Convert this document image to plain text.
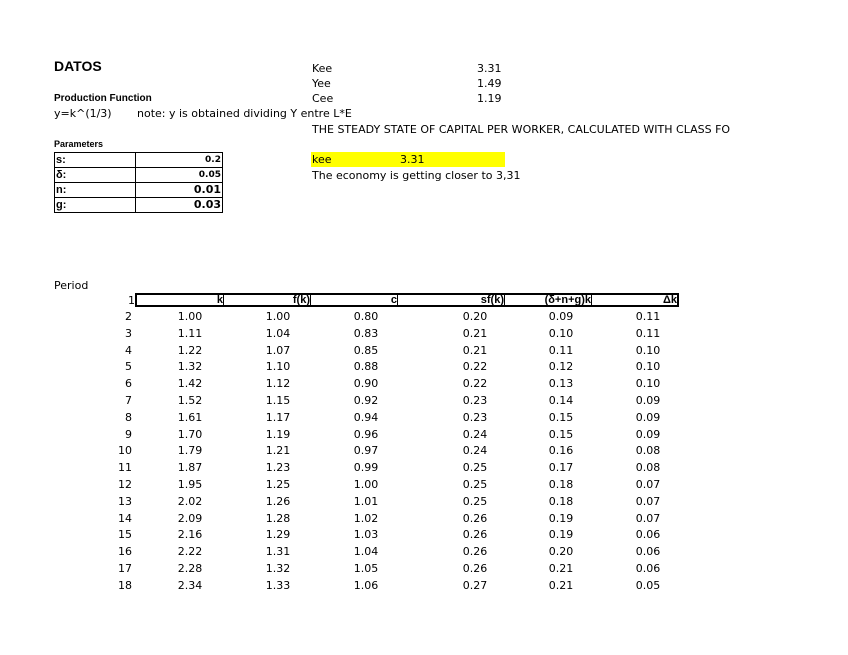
DATOS
Production Function
y=k^(1/3) note: y is obtained dividing Y entre L*E
Parameters
s:	0.2
δ:	0.05
n:	0.01
g:	0.03
Kee	3.31
Yee	1.49
Cee	1.19
THE STEADY STATE OF CAPITAL PER WORKER, CALCULATED WITH CLASS FO
kee	3.31
The economy is getting closer to 3,31
Period
1	k	f(k)	c	sf(k)	(δ+n+g)k	Δk
2	1.00	1.00	0.80	0.20	0.09	0.11
3	1.11	1.04	0.83	0.21	0.10	0.11
4	1.22	1.07	0.85	0.21	0.11	0.10
5	1.32	1.10	0.88	0.22	0.12	0.10
6	1.42	1.12	0.90	0.22	0.13	0.10
7	1.52	1.15	0.92	0.23	0.14	0.09
8	1.61	1.17	0.94	0.23	0.15	0.09
9	1.70	1.19	0.96	0.24	0.15	0.09
10	1.79	1.21	0.97	0.24	0.16	0.08
11	1.87	1.23	0.99	0.25	0.17	0.08
12	1.95	1.25	1.00	0.25	0.18	0.07
13	2.02	1.26	1.01	0.25	0.18	0.07
14	2.09	1.28	1.02	0.26	0.19	0.07
15	2.16	1.29	1.03	0.26	0.19	0.06
16	2.22	1.31	1.04	0.26	0.20	0.06
17	2.28	1.32	1.05	0.26	0.21	0.06
18	2.34	1.33	1.06	0.27	0.21	0.05
